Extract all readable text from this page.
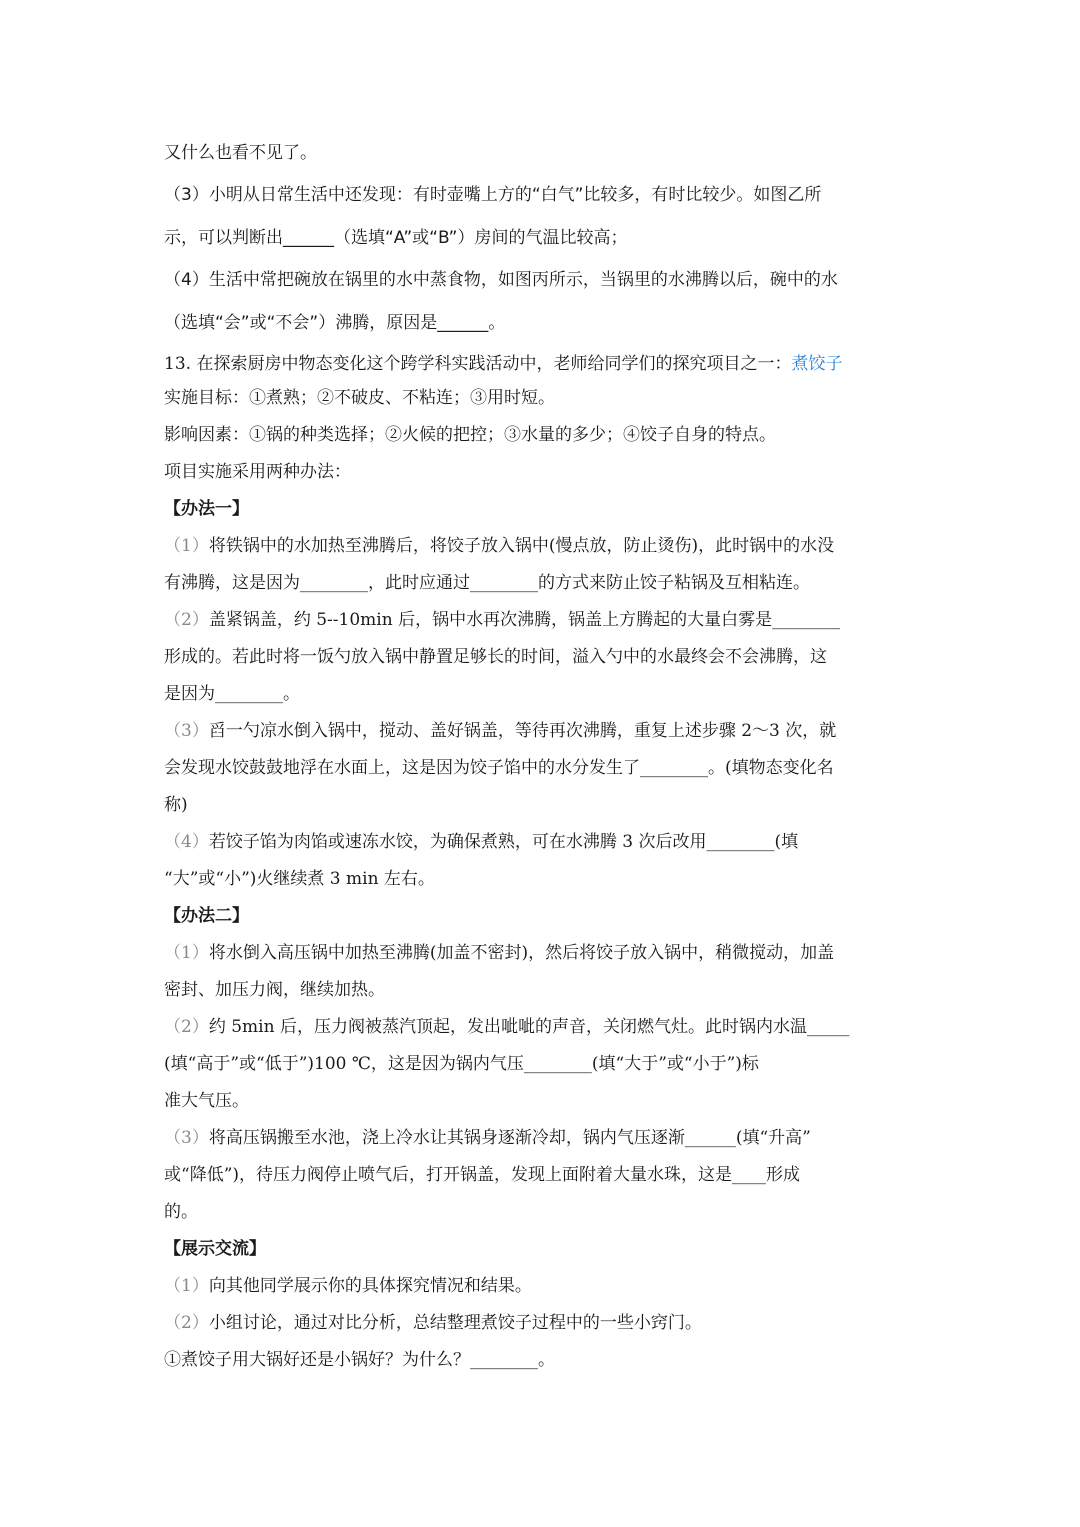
又什么也看不见了。
（3）小明从日常生活中还发现：有时壶嘴上方的“白气”比较多，有时比较少。如图乙所
示，可以判断出______（选填“A”或“B”）房间的气温比较高；
（4）生活中常把碗放在锅里的水中蒸食物，如图丙所示，当锅里的水沸腾以后，碗中的水
（选填“会”或“不会”）沸腾，原因是______。
13. 在探索厨房中物态变化这个跨学科实践活动中，老师给同学们的探究项目之一：煮饺子
实施目标：①煮熟；②不破皮、不粘连；③用时短。
影响因素：①锅的种类选择；②火候的把控；③水量的多少；④饺子自身的特点。
项目实施采用两种办法：
【办法一】
（1）将铁锅中的水加热至沸腾后，将饺子放入锅中(慢点放，防止烫伤)，此时锅中的水没
有沸腾，这是因为________，此时应通过________的方式来防止饺子粘锅及互相粘连。
（2）盖紧锅盖，约 5--10min 后，锅中水再次沸腾，锅盖上方腾起的大量白雾是________
形成的。若此时将一饭勺放入锅中静置足够长的时间，溢入勺中的水最终会不会沸腾，这
是因为________。
（3）舀一勺凉水倒入锅中，搅动、盖好锅盖，等待再次沸腾，重复上述步骤 2～3 次，就
会发现水饺鼓鼓地浮在水面上，这是因为饺子馅中的水分发生了________。(填物态变化名
称)
（4）若饺子馅为肉馅或速冻水饺，为确保煮熟，可在水沸腾 3 次后改用________(填
“大”或“小”)火继续煮 3 min 左右。
【办法二】
（1）将水倒入高压锅中加热至沸腾(加盖不密封)，然后将饺子放入锅中，稍微搅动，加盖
密封、加压力阀，继续加热。
（2）约 5min 后，压力阀被蒸汽顶起，发出呲呲的声音，关闭燃气灶。此时锅内水温_____
(填“高于”或“低于”)100 ℃，这是因为锅内气压________(填“大于”或“小于”)标
准大气压。
（3）将高压锅搬至水池，浇上冷水让其锅身逐渐冷却，锅内气压逐渐______(填“升高”
或“降低”)，待压力阀停止喷气后，打开锅盖，发现上面附着大量水珠，这是____形成
的。
【展示交流】
（1）向其他同学展示你的具体探究情况和结果。
（2）小组讨论，通过对比分析，总结整理煮饺子过程中的一些小窍门。
①煮饺子用大锅好还是小锅好？为什么？________。
